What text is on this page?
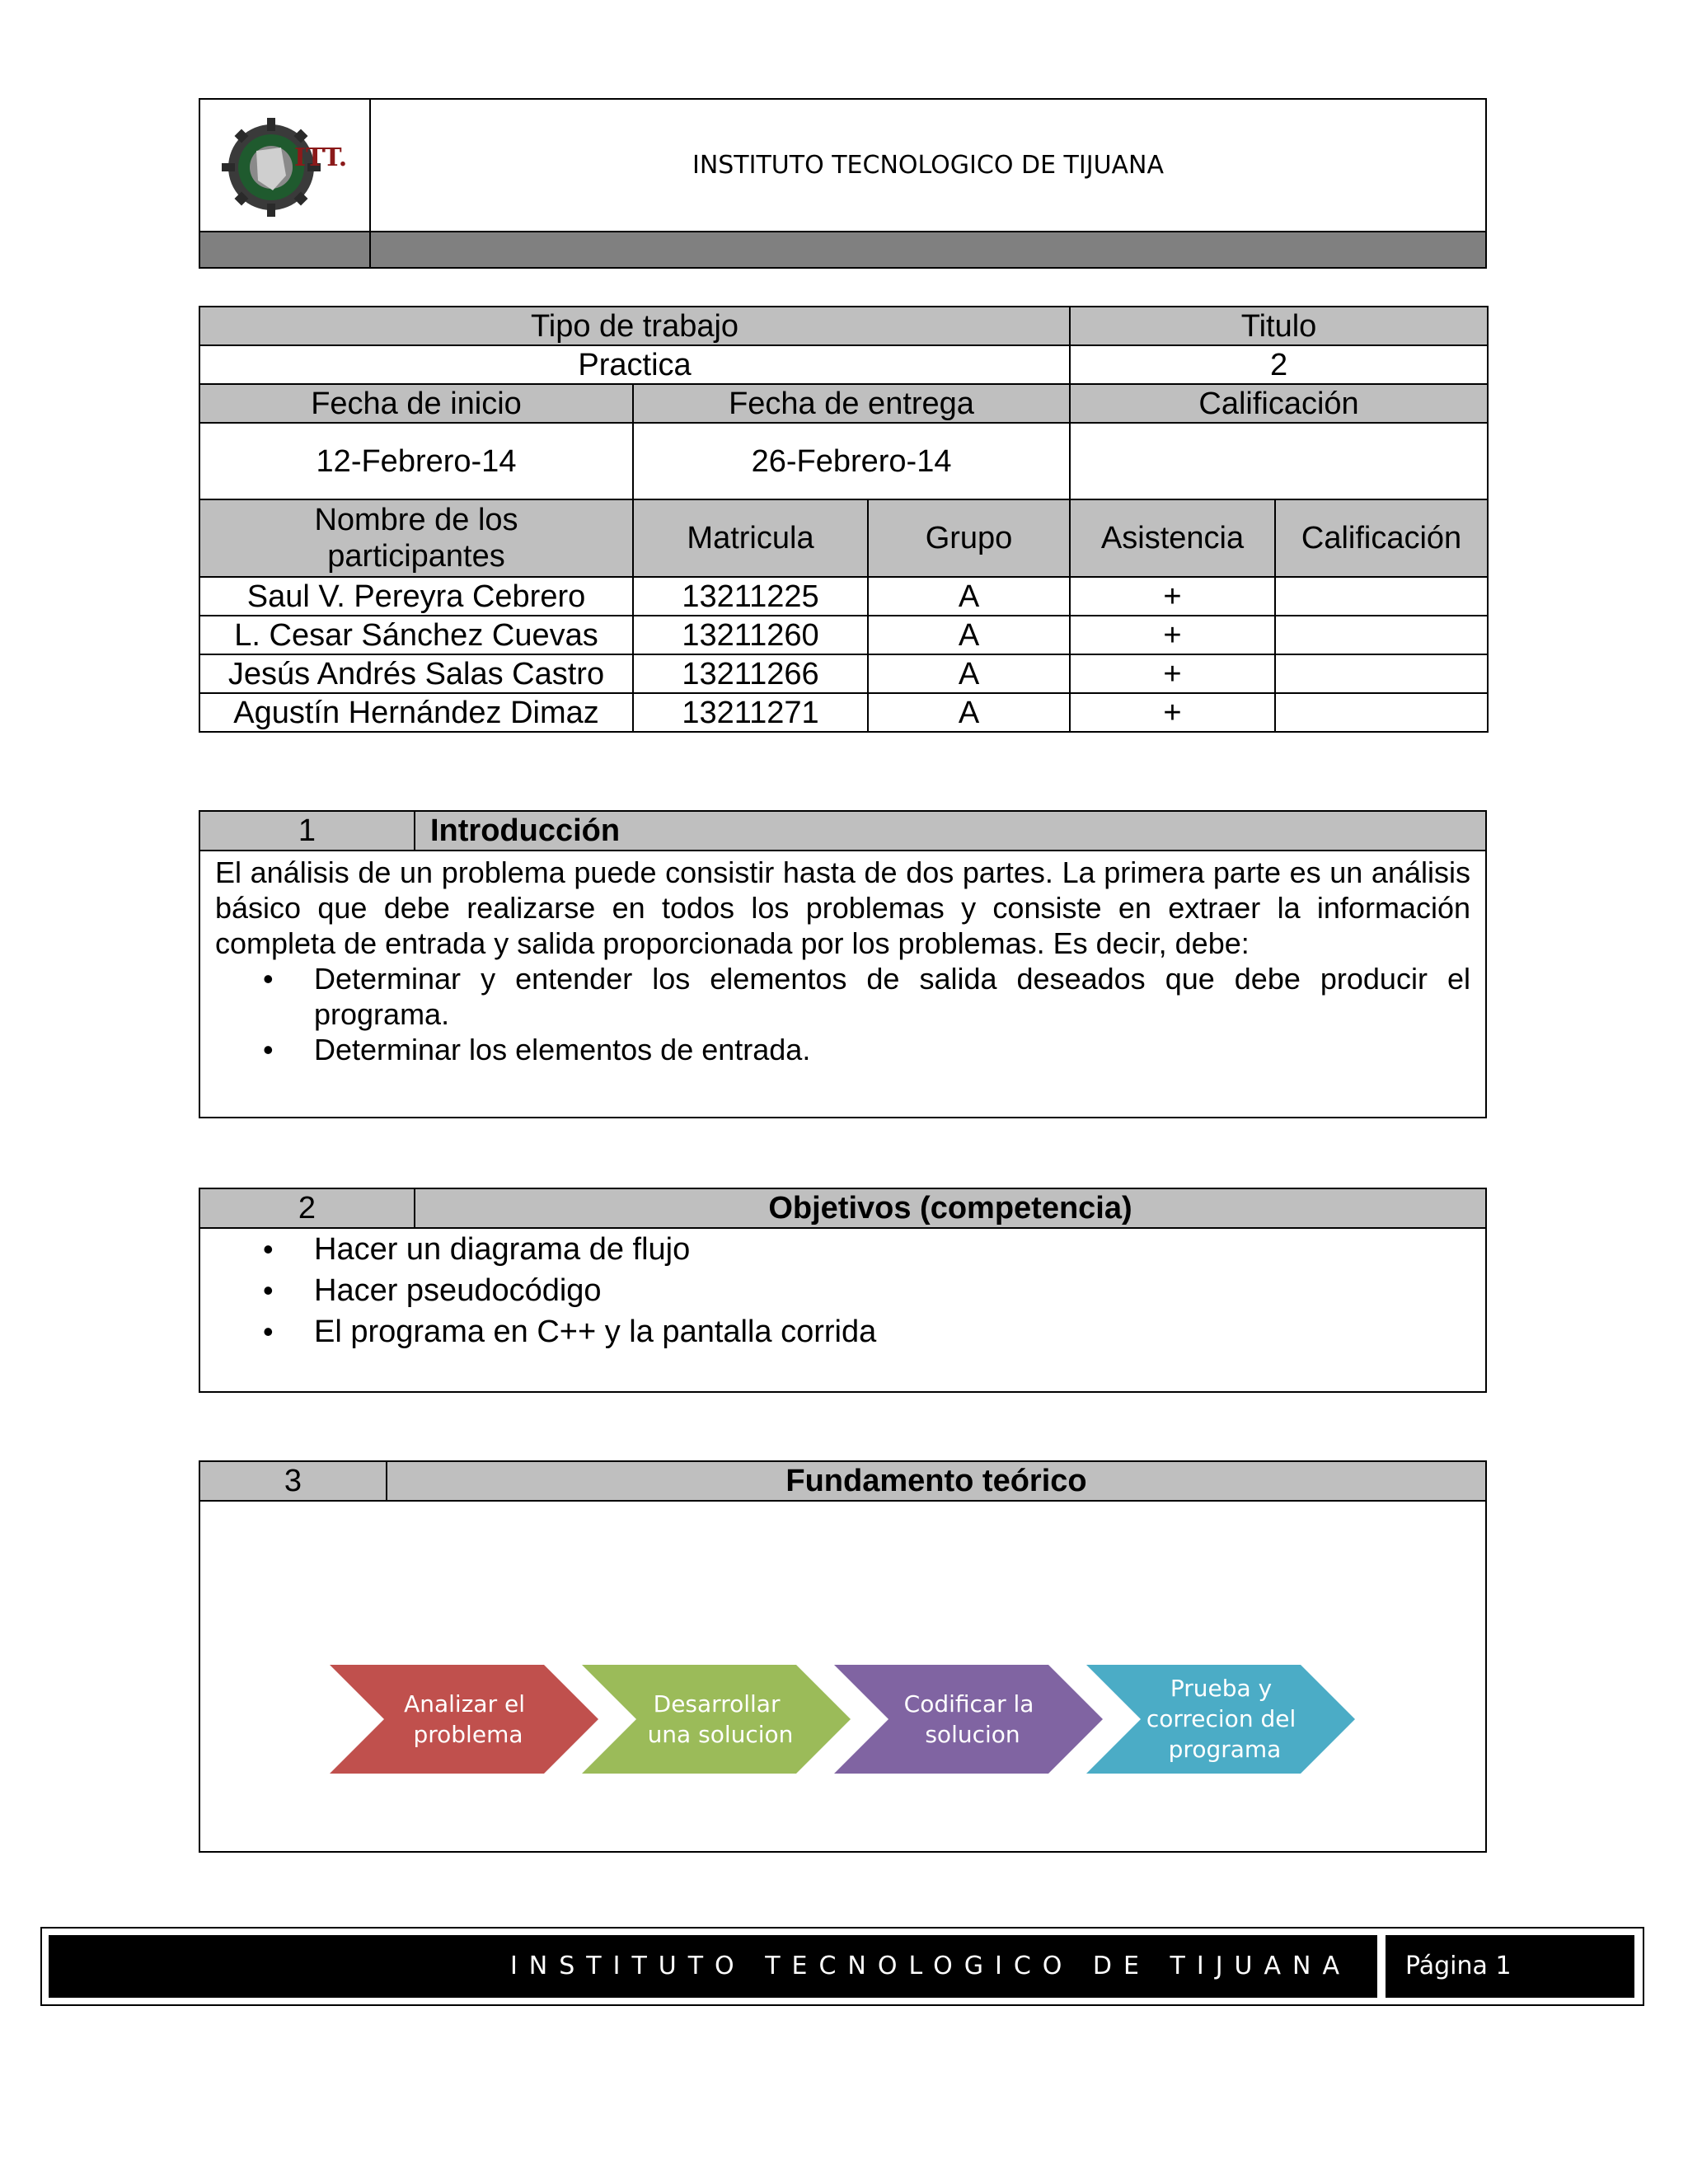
ITT.	INSTITUTO TECNOLOGICO DE TIJUANA

Tipo de trabajo			Titulo	
Practica			2	
Fecha de inicio	Fecha de entrega		Calificación	
12-Febrero-14	26-Febrero-14			
Nombre de los participantes	Matricula	Grupo	Asistencia	Calificación
Saul V. Pereyra Cebrero	13211225	A	+	
L. Cesar Sánchez Cuevas	13211260	A	+	
Jesús Andrés Salas Castro	13211266	A	+	
Agustín Hernández Dimaz	13211271	A	+	
1	Introducción

El análisis de un problema puede consistir hasta de dos partes. La primera parte es un análisis básico que debe realizarse en todos los problemas y consiste en extraer la información completa de entrada y salida proporcionada por los problemas. Es decir, debe:

• Determinar y entender los elementos de salida deseados que debe producir el programa.
• Determinar los elementos de entrada.
2	Objetivos (competencia)
• Hacer un diagrama de flujo
• Hacer pseudocódigo
• El programa en C++ y la pantalla corrida
3	Fundamento teórico
Analizar el problema
Desarrollar una solucion
Codificar la solucion
Prueba y correcion del programa
INSTITUTO TECNOLOGICO DE TIJUANA Página 1
